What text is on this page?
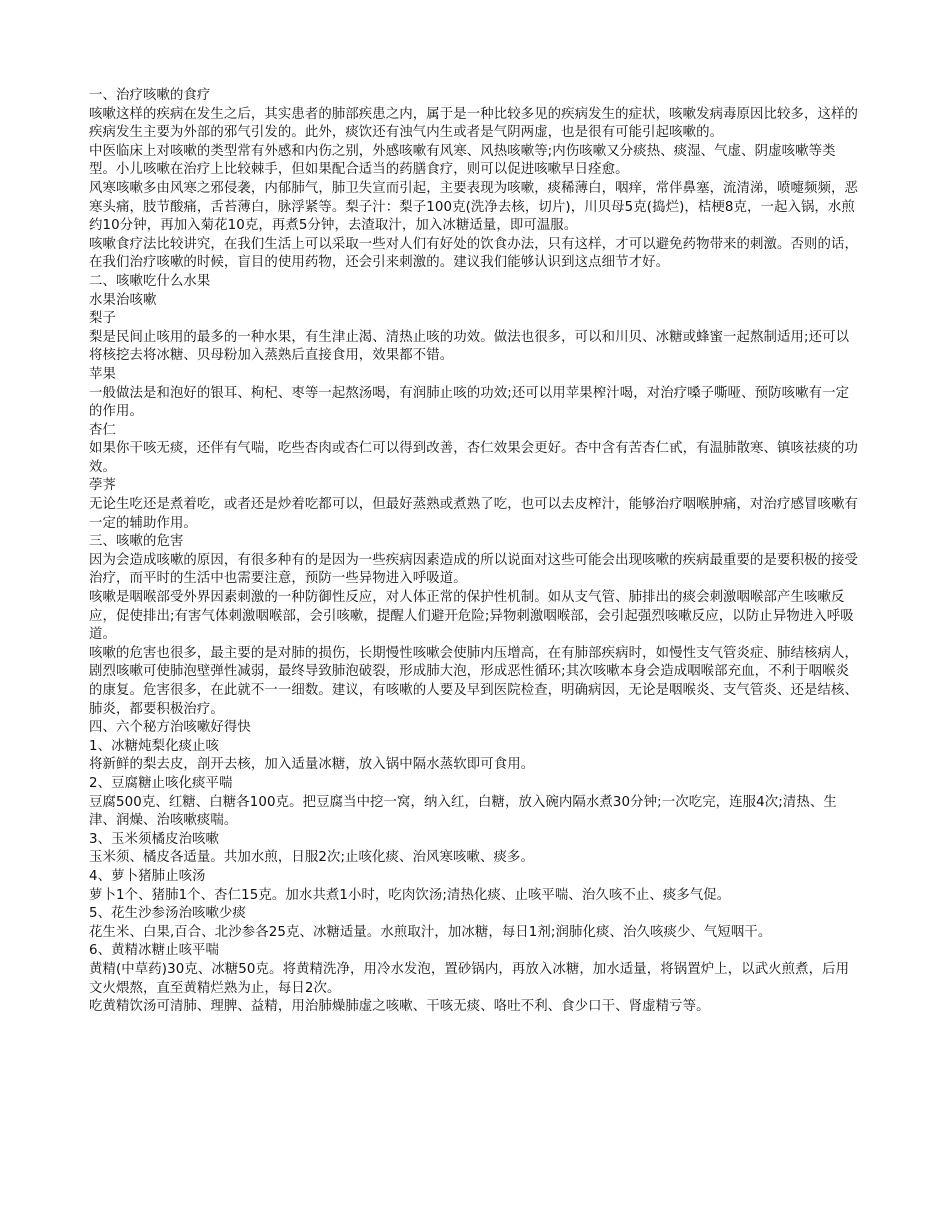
一、治疗咳嗽的食疗

咳嗽这样的疾病在发生之后，其实患者的肺部疾患之内，属于是一种比较多见的疾病发生的症状，咳嗽发病毒原因比较多，这样的疾病发生主要为外部的邪气引发的。此外，痰饮还有浊气内生或者是气阴两虚，也是很有可能引起咳嗽的。

中医临床上对咳嗽的类型常有外感和内伤之别，外感咳嗽有风寒、风热咳嗽等;内伤咳嗽又分痰热、痰湿、气虚、阴虚咳嗽等类型。小儿咳嗽在治疗上比较棘手，但如果配合适当的药膳食疗，则可以促进咳嗽早日痊愈。

风寒咳嗽多由风寒之邪侵袭，内郁肺气，肺卫失宣而引起，主要表现为咳嗽，痰稀薄白，咽痒，常伴鼻塞，流清涕，喷嚏频频，恶寒头痛，肢节酸痛，舌苔薄白，脉浮紧等。梨子汁：梨子100克(洗净去核，切片)，川贝母5克(捣烂)，桔梗8克，一起入锅，水煎约10分钟，再加入菊花10克，再煮5分钟，去渣取汁，加入冰糖适量，即可温服。

咳嗽食疗法比较讲究，在我们生活上可以采取一些对人们有好处的饮食办法，只有这样，才可以避免药物带来的刺激。否则的话，在我们治疗咳嗽的时候，盲目的使用药物，还会引来刺激的。建议我们能够认识到这点细节才好。

二、咳嗽吃什么水果

水果治咳嗽

梨子

梨是民间止咳用的最多的一种水果，有生津止渴、清热止咳的功效。做法也很多，可以和川贝、冰糖或蜂蜜一起熬制适用;还可以将核挖去将冰糖、贝母粉加入蒸熟后直接食用，效果都不错。

苹果

一般做法是和泡好的银耳、枸杞、枣等一起熬汤喝，有润肺止咳的功效;还可以用苹果榨汁喝，对治疗嗓子嘶哑、预防咳嗽有一定的作用。

杏仁

如果你干咳无痰，还伴有气喘，吃些杏肉或杏仁可以得到改善，杏仁效果会更好。杏中含有苦杏仁甙，有温肺散寒、镇咳祛痰的功效。

荸荠

无论生吃还是煮着吃，或者还是炒着吃都可以，但最好蒸熟或煮熟了吃，也可以去皮榨汁，能够治疗咽喉肿痛，对治疗感冒咳嗽有一定的辅助作用。

三、咳嗽的危害

因为会造成咳嗽的原因，有很多种有的是因为一些疾病因素造成的所以说面对这些可能会出现咳嗽的疾病最重要的是要积极的接受治疗，而平时的生活中也需要注意，预防一些异物进入呼吸道。

咳嗽是咽喉部受外界因素刺激的一种防御性反应，对人体正常的保护性机制。如从支气管、肺排出的痰会刺激咽喉部产生咳嗽反应，促使排出;有害气体刺激咽喉部，会引咳嗽，提醒人们避开危险;异物刺激咽喉部，会引起强烈咳嗽反应，以防止异物进入呼吸道。

咳嗽的危害也很多，最主要的是对肺的损伤，长期慢性咳嗽会使肺内压增高，在有肺部疾病时，如慢性支气管炎症、肺结核病人，剧烈咳嗽可使肺泡壁弹性减弱，最终导致肺泡破裂，形成肺大泡，形成恶性循环;其次咳嗽本身会造成咽喉部充血，不利于咽喉炎的康复。危害很多，在此就不一一细数。建议，有咳嗽的人要及早到医院检查，明确病因，无论是咽喉炎、支气管炎、还是结核、肺炎，都要积极治疗。

四、六个秘方治咳嗽好得快

1、冰糖炖梨化痰止咳

将新鲜的梨去皮，剖开去核，加入适量冰糖，放入锅中隔水蒸软即可食用。

2、豆腐糖止咳化痰平喘

豆腐500克、红糖、白糖各100克。把豆腐当中挖一窝，纳入红，白糖，放入碗内隔水煮30分钟;一次吃完，连服4次;清热、生津、润燥、治咳嗽痰喘。

3、玉米须橘皮治咳嗽

玉米须、橘皮各适量。共加水煎，日服2次;止咳化痰、治风寒咳嗽、痰多。

4、萝卜猪肺止咳汤

萝卜1个、猪肺1个、杏仁15克。加水共煮1小时，吃肉饮汤;清热化痰、止咳平喘、治久咳不止、痰多气促。

5、花生沙参汤治咳嗽少痰

花生米、白果,百合、北沙参各25克、冰糖适量。水煎取汁，加冰糖，每日1剂;润肺化痰、治久咳痰少、气短咽干。

6、黄精冰糖止咳平喘

黄精(中草药)30克、冰糖50克。将黄精洗净，用冷水发泡，置砂锅内，再放入冰糖，加水适量，将锅置炉上，以武火煎煮，后用文火煨熬，直至黄精烂熟为止，每日2次。

吃黄精饮汤可清肺、理脾、益精，用治肺燥肺虚之咳嗽、干咳无痰、咯吐不利、食少口干、肾虚精亏等。
